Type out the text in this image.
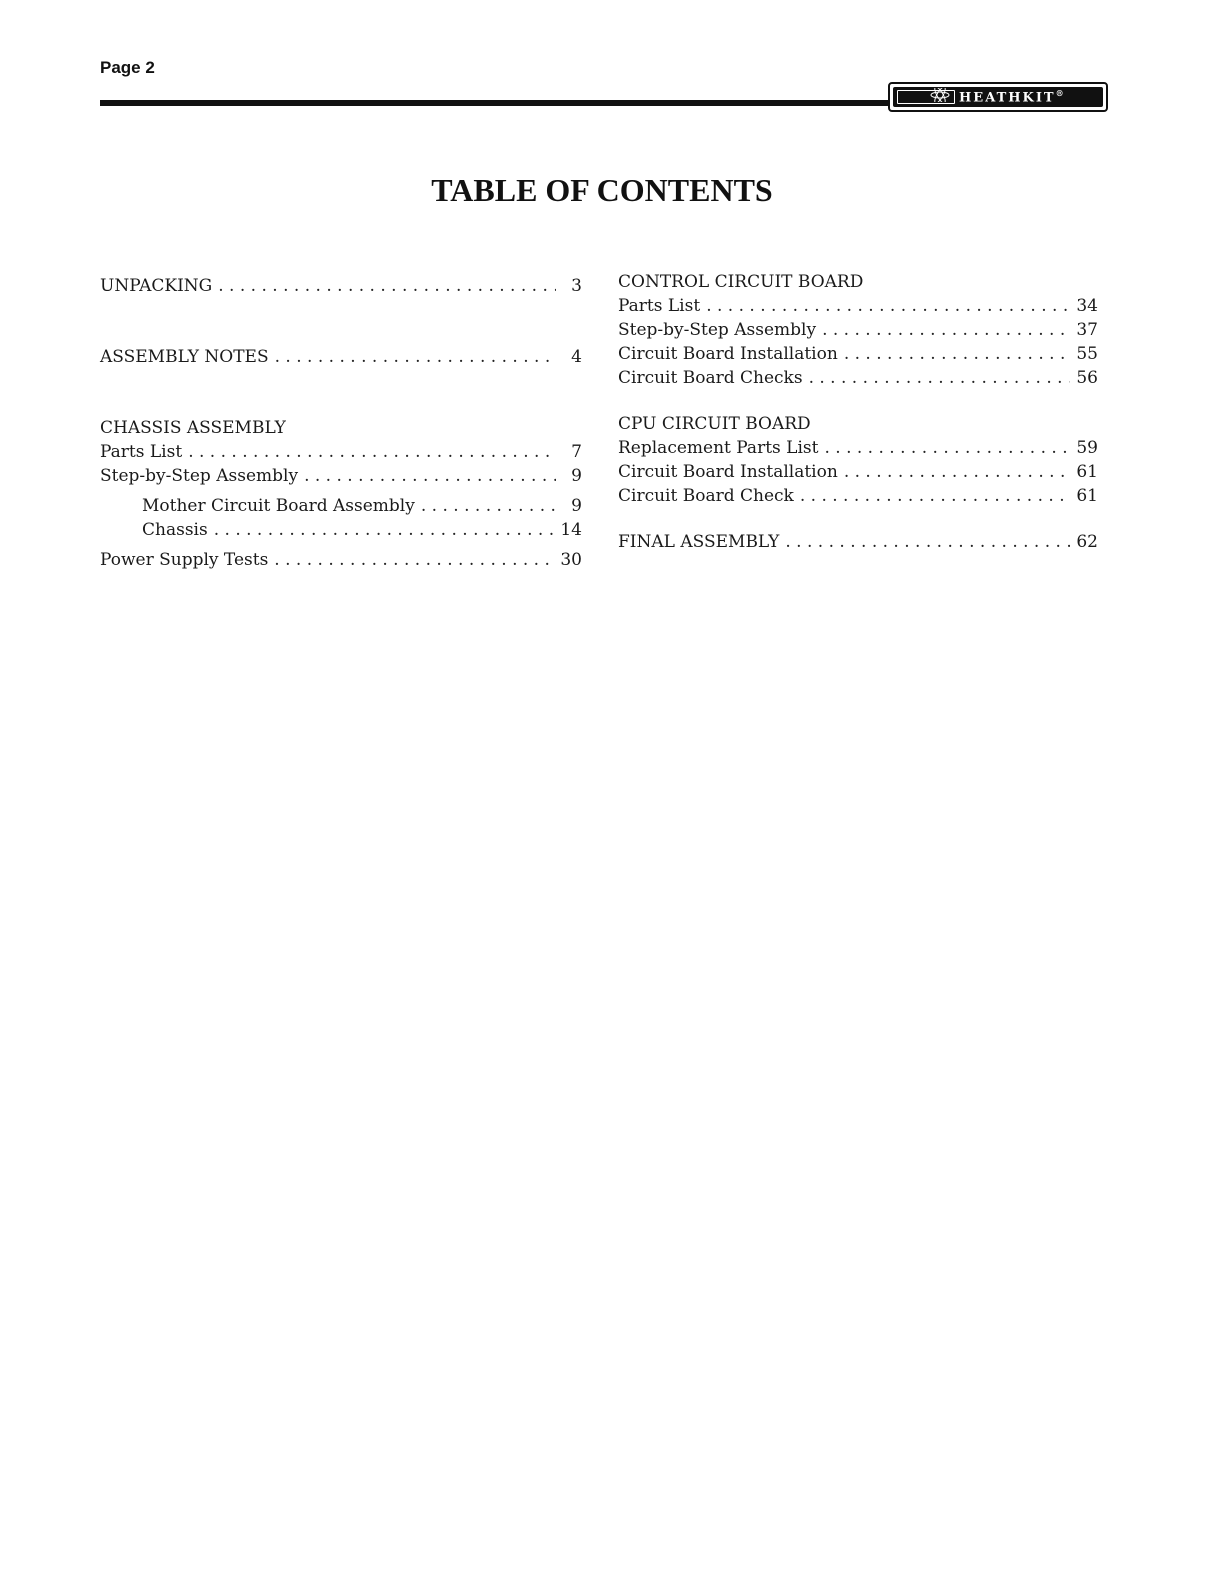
Page 2
HEATHKIT®
TABLE OF CONTENTS
UNPACKING . . .	3
ASSEMBLY NOTES . . .	4
CHASSIS ASSEMBLY
Parts List . . .	7
Step-by-Step Assembly . . .	9
Mother Circuit Board Assembly . . .	9
Chassis . . .	14
Power Supply Tests . . .	30
CONTROL CIRCUIT BOARD
Parts List . . .	34
Step-by-Step Assembly . . .	37
Circuit Board Installation . . .	55
Circuit Board Checks . . .	56
CPU CIRCUIT BOARD
Replacement Parts List . . .	59
Circuit Board Installation . . .	61
Circuit Board Check . . .	61
FINAL ASSEMBLY . . .	62
